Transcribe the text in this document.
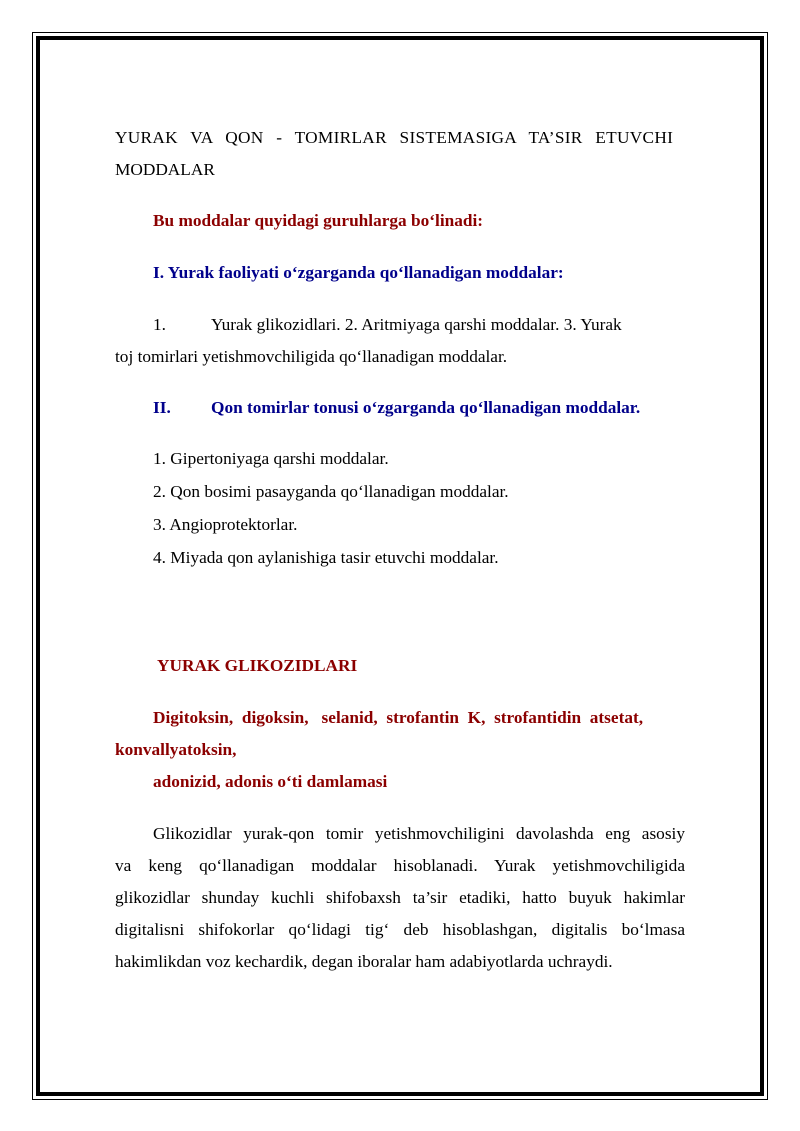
YURAK VA QON - TOMIRLAR SISTEMASIGA TA’SIR ETUVCHI

MODDALAR

Bu moddalar quyidagi guruhlarga bo‘linadi:

I. Yurak faoliyati o‘zgarganda qo‘llanadigan moddalar:

1.	Yurak glikozidlari. 2. Aritmiyaga qarshi moddalar. 3. Yurak

toj tomirlari yetishmovchiligida qo‘llanadigan moddalar.

II. Qon tomirlar tonusi o‘zgarganda qo‘llanadigan moddalar.

1. Gipertoniyaga qarshi moddalar.
2. Qon bosimi pasayganda qo‘llanadigan moddalar.
3. Angioprotektorlar.
4. Miyada qon aylanishiga tasir etuvchi moddalar.

YURAK GLIKOZIDLARI

Digitoksin,  digoksin,   selanid,  strofantin  K,  strofantidin  atsetat,

konvallyatoksin,

adonizid, adonis o‘ti damlamasi

Glikozidlar yurak-qon tomir yetishmovchiligini davolashda eng asosiy

va keng qo‘llanadigan moddalar hisoblanadi. Yurak yetishmovchiligida

glikozidlar shunday kuchli shifobaxsh ta’sir etadiki, hatto buyuk hakimlar

digitalisni shifokorlar qo‘lidagi tig‘ deb hisoblashgan, digitalis bo‘lmasa

hakimlikdan voz kechardik, degan iboralar ham adabiyotlarda uchraydi.
